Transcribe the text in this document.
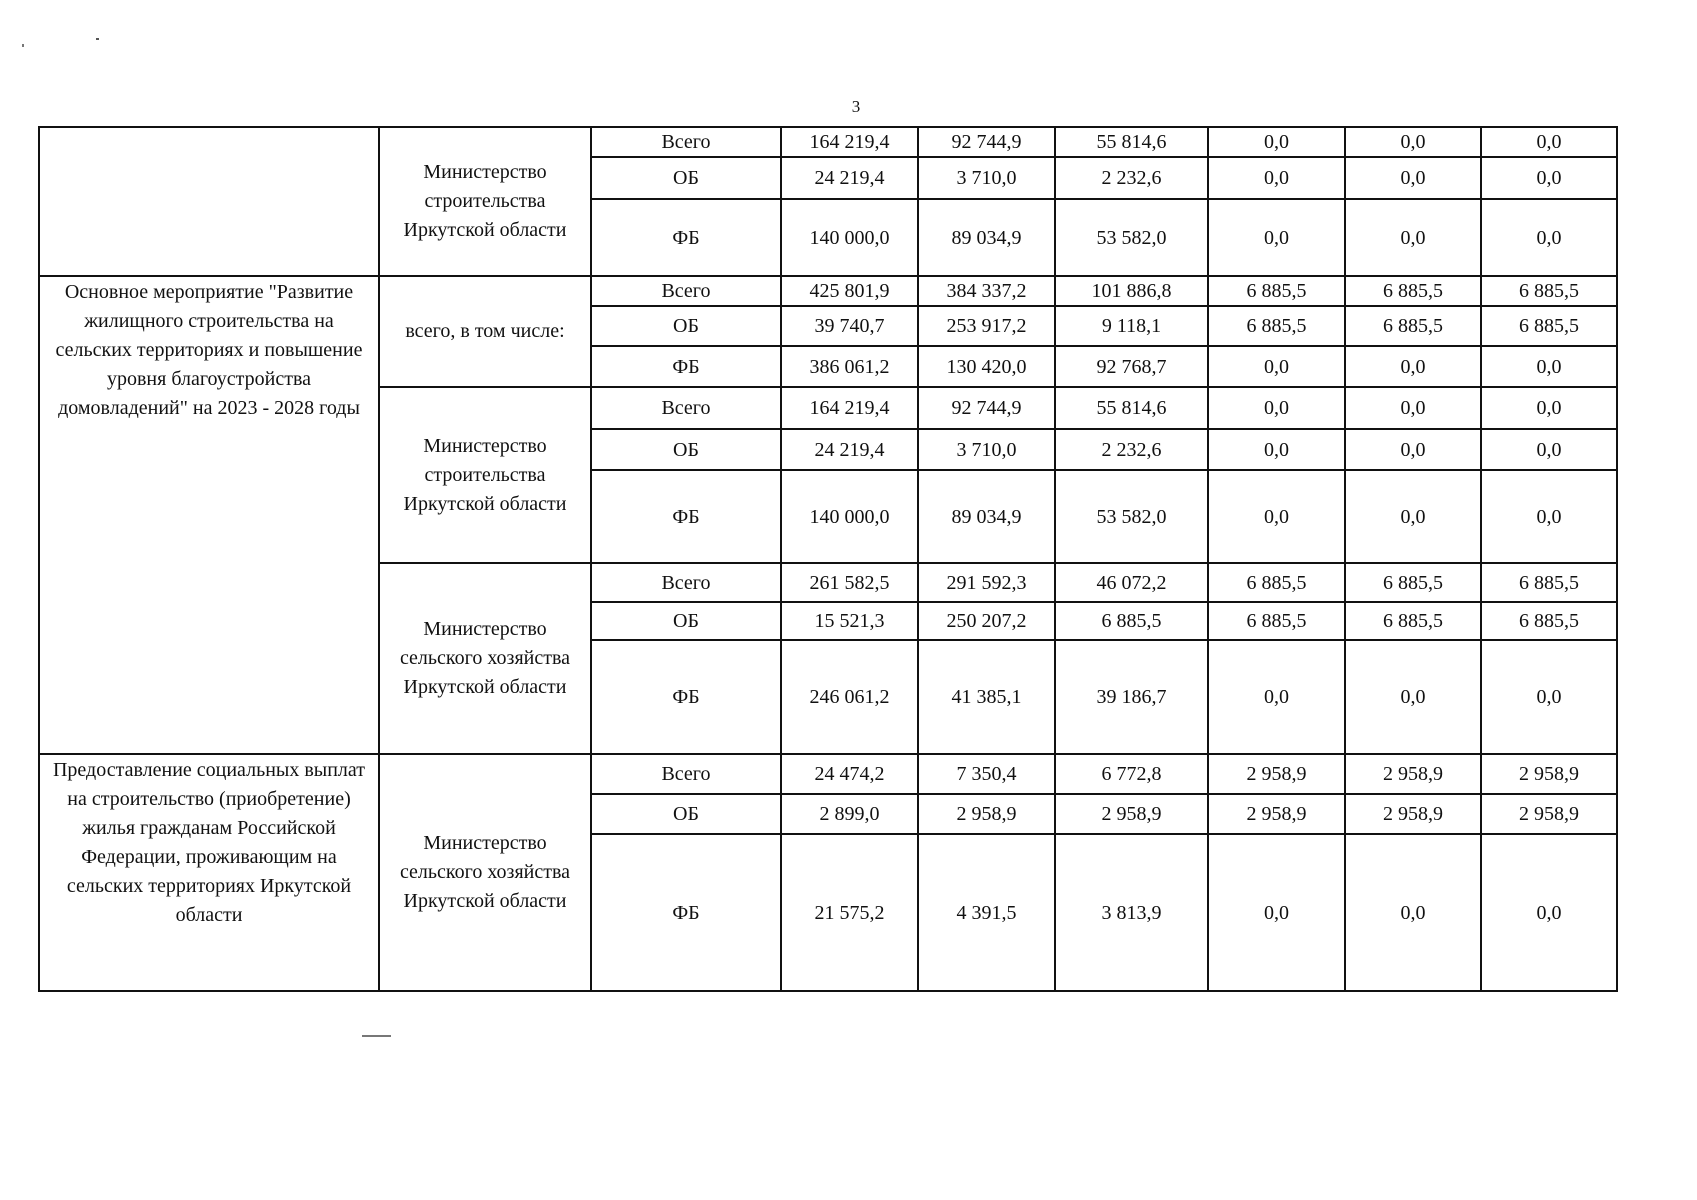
3
	Министерство строительства Иркутской области	Всего	164 219,4	92 744,9	55 814,6	0,0	0,0	0,0
		ОБ	24 219,4	3 710,0	2 232,6	0,0	0,0	0,0
		ФБ	140 000,0	89 034,9	53 582,0	0,0	0,0	0,0
Основное мероприятие "Развитие жилищного строительства на сельских территориях и повышение уровня благоустройства домовладений" на 2023 - 2028 годы	всего, в том числе:	Всего	425 801,9	384 337,2	101 886,8	6 885,5	6 885,5	6 885,5
		ОБ	39 740,7	253 917,2	9 118,1	6 885,5	6 885,5	6 885,5
		ФБ	386 061,2	130 420,0	92 768,7	0,0	0,0	0,0
	Министерство строительства Иркутской области	Всего	164 219,4	92 744,9	55 814,6	0,0	0,0	0,0
		ОБ	24 219,4	3 710,0	2 232,6	0,0	0,0	0,0
		ФБ	140 000,0	89 034,9	53 582,0	0,0	0,0	0,0
	Министерство сельского хозяйства Иркутской области	Всего	261 582,5	291 592,3	46 072,2	6 885,5	6 885,5	6 885,5
		ОБ	15 521,3	250 207,2	6 885,5	6 885,5	6 885,5	6 885,5
		ФБ	246 061,2	41 385,1	39 186,7	0,0	0,0	0,0
Предоставление социальных выплат на строительство (приобретение) жилья гражданам Российской Федерации, проживающим на сельских территориях Иркутской области	Министерство сельского хозяйства Иркутской области	Всего	24 474,2	7 350,4	6 772,8	2 958,9	2 958,9	2 958,9
		ОБ	2 899,0	2 958,9	2 958,9	2 958,9	2 958,9	2 958,9
		ФБ	21 575,2	4 391,5	3 813,9	0,0	0,0	0,0
